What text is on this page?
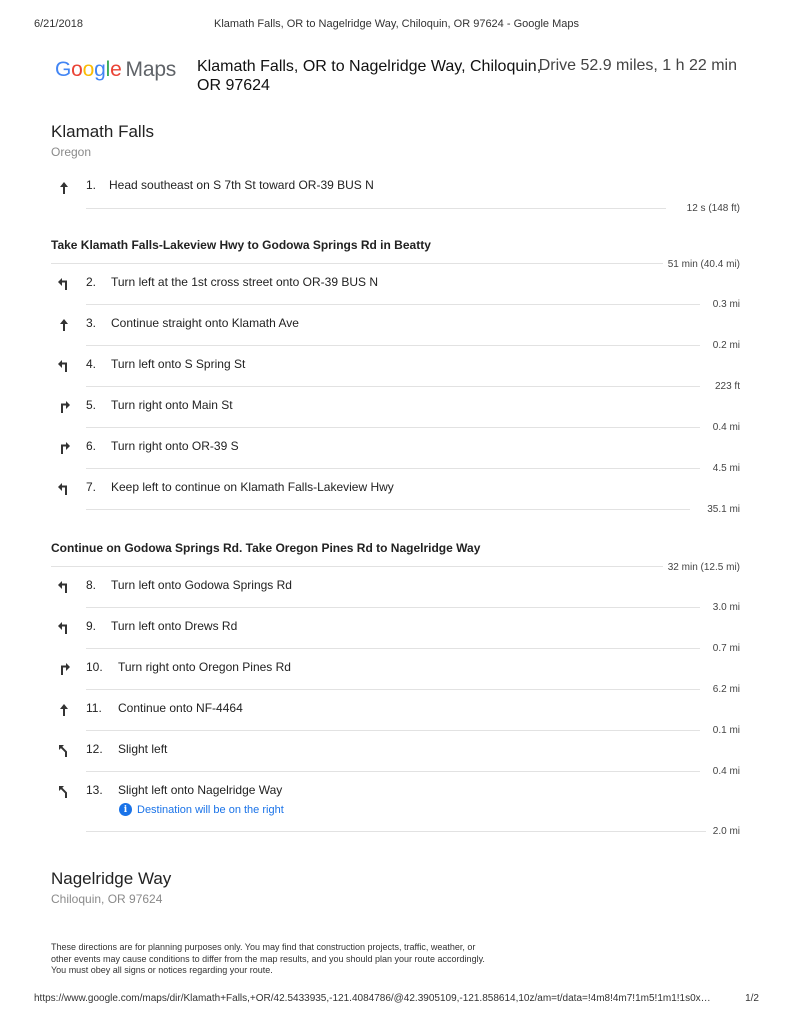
6/21/2018	Klamath Falls, OR to Nagelridge Way, Chiloquin, OR 97624 - Google Maps
Google Maps Klamath Falls, OR to Nagelridge Way, Chiloquin, OR 97624
Drive 52.9 miles, 1 h 22 min
Klamath Falls
Oregon
1. Head southeast on S 7th St toward OR-39 BUS N
12 s (148 ft)
Take Klamath Falls-Lakeview Hwy to Godowa Springs Rd in Beatty
51 min (40.4 mi)
2. Turn left at the 1st cross street onto OR-39 BUS N
0.3 mi
3. Continue straight onto Klamath Ave
0.2 mi
4. Turn left onto S Spring St
223 ft
5. Turn right onto Main St
0.4 mi
6. Turn right onto OR-39 S
4.5 mi
7. Keep left to continue on Klamath Falls-Lakeview Hwy
35.1 mi
Continue on Godowa Springs Rd. Take Oregon Pines Rd to Nagelridge Way
32 min (12.5 mi)
8. Turn left onto Godowa Springs Rd
3.0 mi
9. Turn left onto Drews Rd
0.7 mi
10. Turn right onto Oregon Pines Rd
6.2 mi
11. Continue onto NF-4464
0.1 mi
12. Slight left
0.4 mi
13. Slight left onto Nagelridge Way
i Destination will be on the right
2.0 mi
Nagelridge Way
Chiloquin, OR 97624
These directions are for planning purposes only. You may find that construction projects, traffic, weather, or other events may cause conditions to differ from the map results, and you should plan your route accordingly. You must obey all signs or notices regarding your route.
https://www.google.com/maps/dir/Klamath+Falls,+OR/42.5433935,-121.4084786/@42.3905109,-121.858614,10z/am=t/data=!4m8!4m7!1m5!1m1!1s0x…	1/2
